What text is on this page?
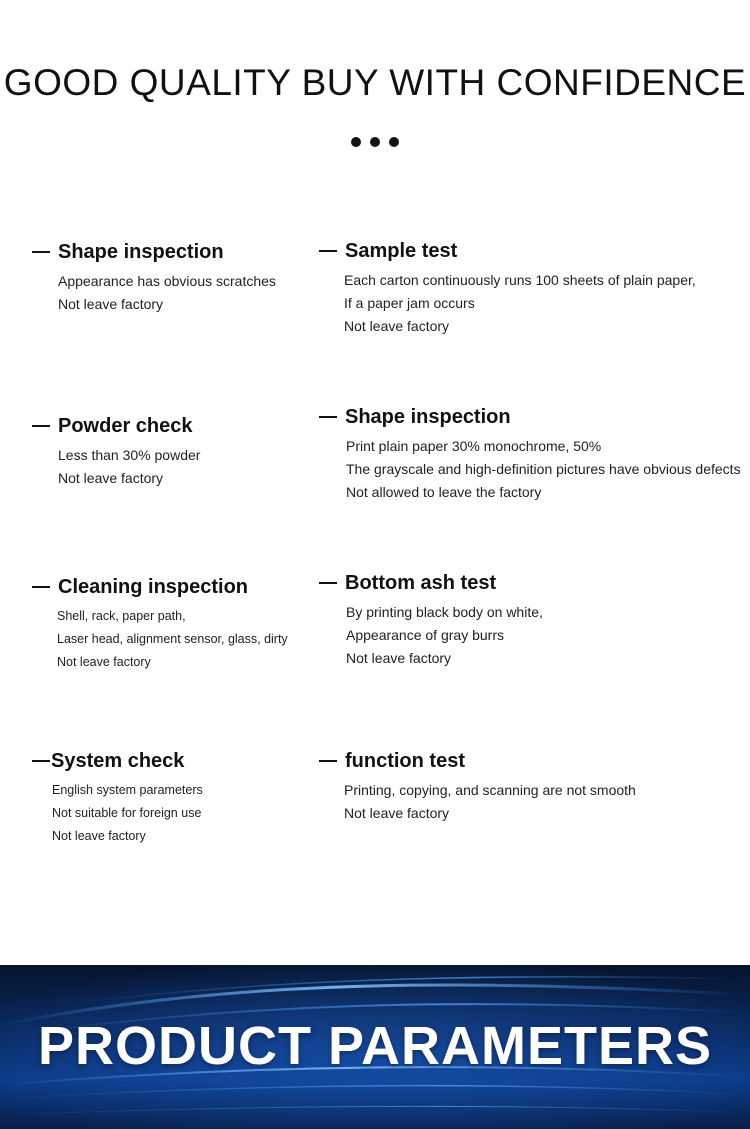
GOOD QUALITY BUY WITH CONFIDENCE
Shape inspection
Appearance has obvious scratches
Not leave factory
Sample test
Each carton continuously runs 100 sheets of plain paper,
If a paper jam occurs
Not leave factory
Powder check
Less than 30% powder
Not leave factory
Shape inspection
Print plain paper 30% monochrome, 50%
The grayscale and high-definition pictures have obvious defects
Not allowed to leave the factory
Cleaning inspection
Shell, rack, paper path,
Laser head, alignment sensor, glass, dirty
Not leave factory
Bottom ash test
By printing black body on white,
Appearance of gray burrs
Not leave factory
System check
English system parameters
Not suitable for foreign use
Not leave factory
function test
Printing, copying, and scanning are not smooth
Not leave factory
PRODUCT PARAMETERS
